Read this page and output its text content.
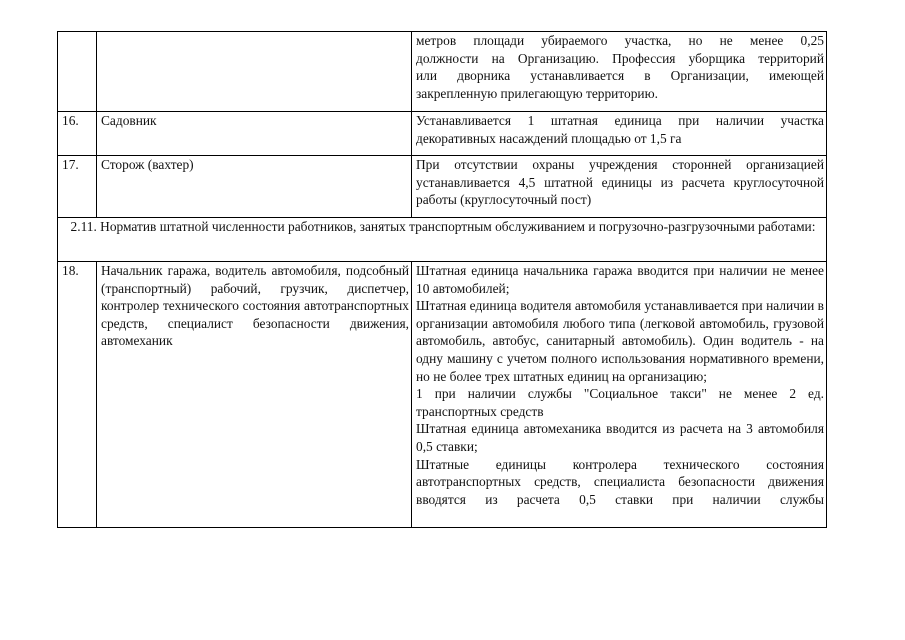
		метров площади убираемого участка, но не менее 0,25
должности на Организацию. Профессия уборщика территорий
или дворника устанавливается в Организации, имеющей
закрепленную прилегающую территорию.

16.	Садовник	Устанавливается 1 штатная единица при наличии участка декоративных насаждений площадью от 1,5 га
17.	Сторож (вахтер)	При отсутствии охраны учреждения сторонней организацией устанавливается 4,5 штатной единицы из расчета круглосуточной работы (круглосуточный пост)
2.11. Норматив штатной численности работников, занятых транспортным обслуживанием и погрузочно-разгрузочными работами:		
18.	Начальник гаража, водитель автомобиля, подсобный (транспортный) рабочий, грузчик, диспетчер, контролер технического состояния автотранспортных средств, специалист безопасности движения, автомеханик	Штатная единица начальника гаража вводится при наличии не менее 10 автомобилей;
Штатная единица водителя автомобиля устанавливается при наличии в организации автомобиля любого типа (легковой автомобиль, грузовой автомобиль, автобус, санитарный автомобиль). Один водитель - на одну машину с учетом полного использования нормативного времени, но не более трех штатных единиц на организацию;
1 при наличии службы "Социальное такси" не менее 2 ед. транспортных средств
Штатная единица автомеханика вводится из расчета на 3 автомобиля 0,5 ставки;
Штатные единицы контролера технического состояния автотранспортных средств, специалиста безопасности движения вводятся из расчета 0,5 ставки при наличии службы
